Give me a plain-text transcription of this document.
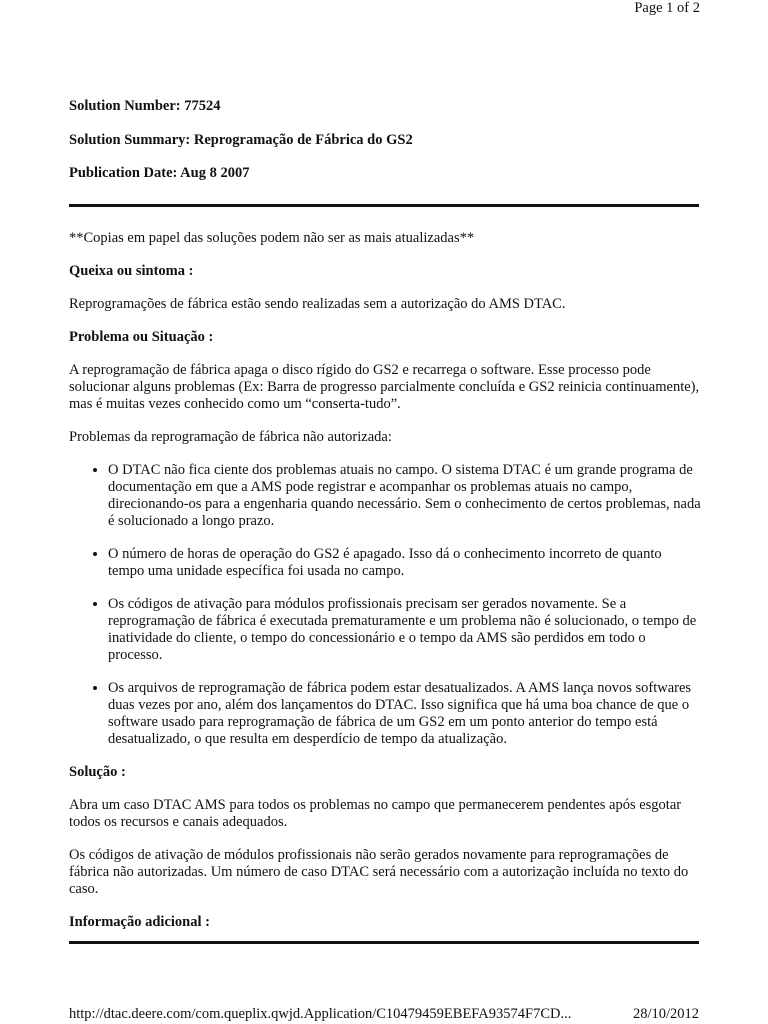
Page 1 of 2
Solution Number: 77524
Solution Summary: Reprogramação de Fábrica do GS2
Publication Date: Aug 8 2007

**Copias em papel das soluções podem não ser as mais atualizadas**

Queixa ou sintoma :

Reprogramações de fábrica estão sendo realizadas sem a autorização do AMS DTAC.

Problema ou Situação :

A reprogramação de fábrica apaga o disco rígido do GS2 e recarrega o software. Esse processo pode solucionar alguns problemas (Ex: Barra de progresso parcialmente concluída e GS2 reinicia continuamente), mas é muitas vezes conhecido como um “conserta-tudo”.

Problemas da reprogramação de fábrica não autorizada:

• O DTAC não fica ciente dos problemas atuais no campo. O sistema DTAC é um grande programa de documentação em que a AMS pode registrar e acompanhar os problemas atuais no campo, direcionando-os para a engenharia quando necessário. Sem o conhecimento de certos problemas, nada é solucionado a longo prazo.
• O número de horas de operação do GS2 é apagado. Isso dá o conhecimento incorreto de quanto tempo uma unidade específica foi usada no campo.
• Os códigos de ativação para módulos profissionais precisam ser gerados novamente. Se a reprogramação de fábrica é executada prematuramente e um problema não é solucionado, o tempo de inatividade do cliente, o tempo do concessionário e o tempo da AMS são perdidos em todo o processo.
• Os arquivos de reprogramação de fábrica podem estar desatualizados. A AMS lança novos softwares duas vezes por ano, além dos lançamentos do DTAC. Isso significa que há uma boa chance de que o software usado para reprogramação de fábrica de um GS2 em um ponto anterior do tempo está desatualizado, o que resulta em desperdício de tempo da atualização.
Solução :

Abra um caso DTAC AMS para todos os problemas no campo que permanecerem pendentes após esgotar todos os recursos e canais adequados.

Os códigos de ativação de módulos profissionais não serão gerados novamente para reprogramações de fábrica não autorizadas. Um número de caso DTAC será necessário com a autorização incluída no texto do caso.

Informação adicional :
http://dtac.deere.com/com.queplix.qwjd.Application/C10479459EBEFA93574F7CD...	28/10/2012
